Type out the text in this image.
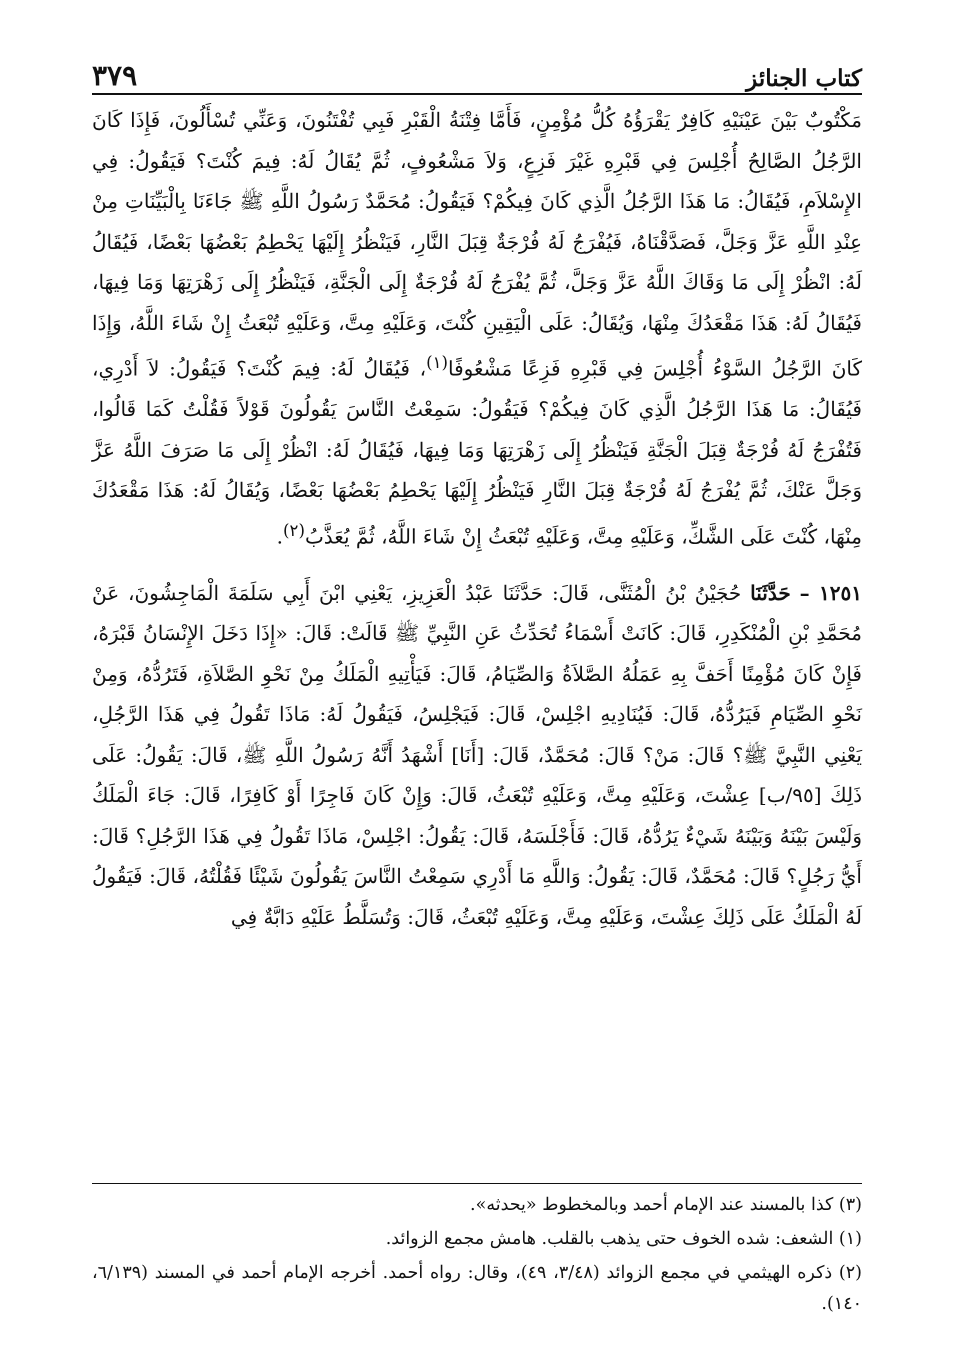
كتاب الجنائز
٣٧٩

مَكْتُوبٌ بَيْنَ عَيْنَيْهِ كَافِرٌ يَقْرَؤُهُ كُلُّ مُؤْمِنٍ، فَأَمَّا فِتْنَةُ الْقَبْرِ فَبِي تُفْتَنُونَ، وَعَنِّي تُسْأَلُونَ، فَإِذَا كَانَ الرَّجُلُ الصَّالِحُ أُجْلِسَ فِي قَبْرِهِ غَيْرَ فَزِعٍ، وَلاَ مَشْعُوفٍ، ثُمَّ يُقَالُ لَهُ: فِيمَ كُنْتَ؟ فَيَقُولُ: فِي الإِسْلاَمِ، فَيُقَالُ: مَا هَذَا الرَّجُلُ الَّذِي كَانَ فِيكُمْ؟ فَيَقُولُ: مُحَمَّدٌ رَسُولُ اللَّهِ ﷺ جَاءَنَا بِالْبَيِّنَاتِ مِنْ عِنْدِ اللَّهِ عَزَّ وَجَلَّ، فَصَدَّقْنَاهُ، فَيُفْرَجُ لَهُ فُرْجَةٌ قِبَلَ النَّارِ، فَيَنْظُرُ إِلَيْهَا يَحْطِمُ بَعْضُهَا بَعْضًا، فَيُقَالُ لَهُ: انْظُرْ إِلَى مَا وَقَاكَ اللَّهُ عَزَّ وَجَلَّ، ثُمَّ يُفْرَجُ لَهُ فُرْجَةٌ إِلَى الْجَنَّةِ، فَيَنْظُرُ إِلَى زَهْرَتِهَا وَمَا فِيهَا، فَيُقَالُ لَهُ: هَذَا مَقْعَدُكَ مِنْهَا، وَيُقَالُ: عَلَى الْيَقِينِ كُنْتَ، وَعَلَيْهِ مِتَّ، وَعَلَيْهِ تُبْعَثُ إِنْ شَاءَ اللَّهُ، وَإِذَا كَانَ الرَّجُلُ السَّوْءُ أُجْلِسَ فِي قَبْرِهِ فَزِعًا مَشْعُوفًا$^{(١)}$، فَيُقَالُ لَهُ: فِيمَ كُنْتَ؟ فَيَقُولُ: لاَ أَدْرِي، فَيُقَالُ: مَا هَذَا الرَّجُلُ الَّذِي كَانَ فِيكُمْ؟ فَيَقُولُ: سَمِعْتُ النَّاسَ يَقُولُونَ قَوْلاً فَقُلْتُ كَمَا قَالُوا، فَتُفْرَجُ لَهُ فُرْجَةٌ قِبَلَ الْجَنَّةِ فَيَنْظُرُ إِلَى زَهْرَتِهَا وَمَا فِيهَا، فَيُقَالُ لَهُ: انْظُرْ إِلَى مَا صَرَفَ اللَّهُ عَزَّ وَجَلَّ عَنْكَ، ثُمَّ يُفْرَجُ لَهُ فُرْجَةٌ قِبَلَ النَّارِ فَيَنْظُرُ إِلَيْهَا يَحْطِمُ بَعْضُهَا بَعْضًا، وَيُقَالُ لَهُ: هَذَا مَقْعَدُكَ مِنْهَا، كُنْتَ عَلَى الشَّكِّ، وَعَلَيْهِ مِتَّ، وَعَلَيْهِ تُبْعَثُ إِنْ شَاءَ اللَّهُ، ثُمَّ يُعَذَّبُ$^{(٢)}$.

١٢٥١ – حَدَّثَنَا حُجَيْنُ بْنُ الْمُثَنَّى، قَالَ: حَدَّثَنَا عَبْدُ الْعَزِيزِ، يَعْنِي ابْنَ أَبِي سَلَمَةَ الْمَاجِشُونَ، عَنْ مُحَمَّدِ بْنِ الْمُنْكَدِرِ، قَالَ: كَانَتْ أَسْمَاءُ تُحَدِّثُ عَنِ النَّبِيِّ ﷺ قَالَتْ: قَالَ: «إِذَا دَخَلَ الإِنْسَانُ قَبْرَهُ، فَإِنْ كَانَ مُؤْمِنًا أَحَفَّ بِهِ عَمَلُهُ الصَّلاَةُ وَالصِّيَامُ، قَالَ: فَيَأْتِيهِ الْمَلَكُ مِنْ نَحْوِ الصَّلاَةِ، فَتَرُدُّهُ، وَمِنْ نَحْوِ الصِّيَامِ فَيَرُدُّهُ، قَالَ: فَيُنَادِيهِ اجْلِسْ، قَالَ: فَيَجْلِسُ، فَيَقُولُ لَهُ: مَاذَا تَقُولُ فِي هَذَا الرَّجُلِ، يَعْنِي النَّبِيَّ ﷺ؟ قَالَ: مَنْ؟ قَالَ: مُحَمَّدٌ، قَالَ: [أَنَا] أَشْهَدُ أَنَّهُ رَسُولُ اللَّهِ ﷺ، قَالَ: يَقُولُ: عَلَى ذَلِكَ [٩٥/ب] عِشْتَ، وَعَلَيْهِ مِتَّ، وَعَلَيْهِ تُبْعَثُ، قَالَ: وَإِنْ كَانَ فَاجِرًا أَوْ كَافِرًا، قَالَ: جَاءَ الْمَلَكُ وَلَيْسَ بَيْنَهُ وَبَيْنَهُ شَيْءٌ يَرُدُّهُ، قَالَ: فَأَجْلَسَهُ، قَالَ: يَقُولُ: اجْلِسْ، مَاذَا تَقُولُ فِي هَذَا الرَّجُلِ؟ قَالَ: أَيُّ رَجُلٍ؟ قَالَ: مُحَمَّدٌ، قَالَ: يَقُولُ: وَاللَّهِ مَا أَدْرِي سَمِعْتُ النَّاسَ يَقُولُونَ شَيْئًا فَقُلْتُهُ، قَالَ: فَيَقُولُ لَهُ الْمَلَكُ عَلَى ذَلِكَ عِشْتَ، وَعَلَيْهِ مِتَّ، وَعَلَيْهِ تُبْعَثُ، قَالَ: وَتُسَلَّطُ عَلَيْهِ دَابَّةٌ فِي

(٣) كذا بالمسند عند الإمام أحمد وبالمخطوط «يحدثه».

(١) الشعف: شده الخوف حتى يذهب بالقلب. هامش مجمع الزوائد.

(٢) ذكره الهيثمي في مجمع الزوائد (٣/٤٨، ٤٩)، وقال: رواه أحمد. أخرجه الإمام أحمد في المسند (٦/١٣٩، ١٤٠).
